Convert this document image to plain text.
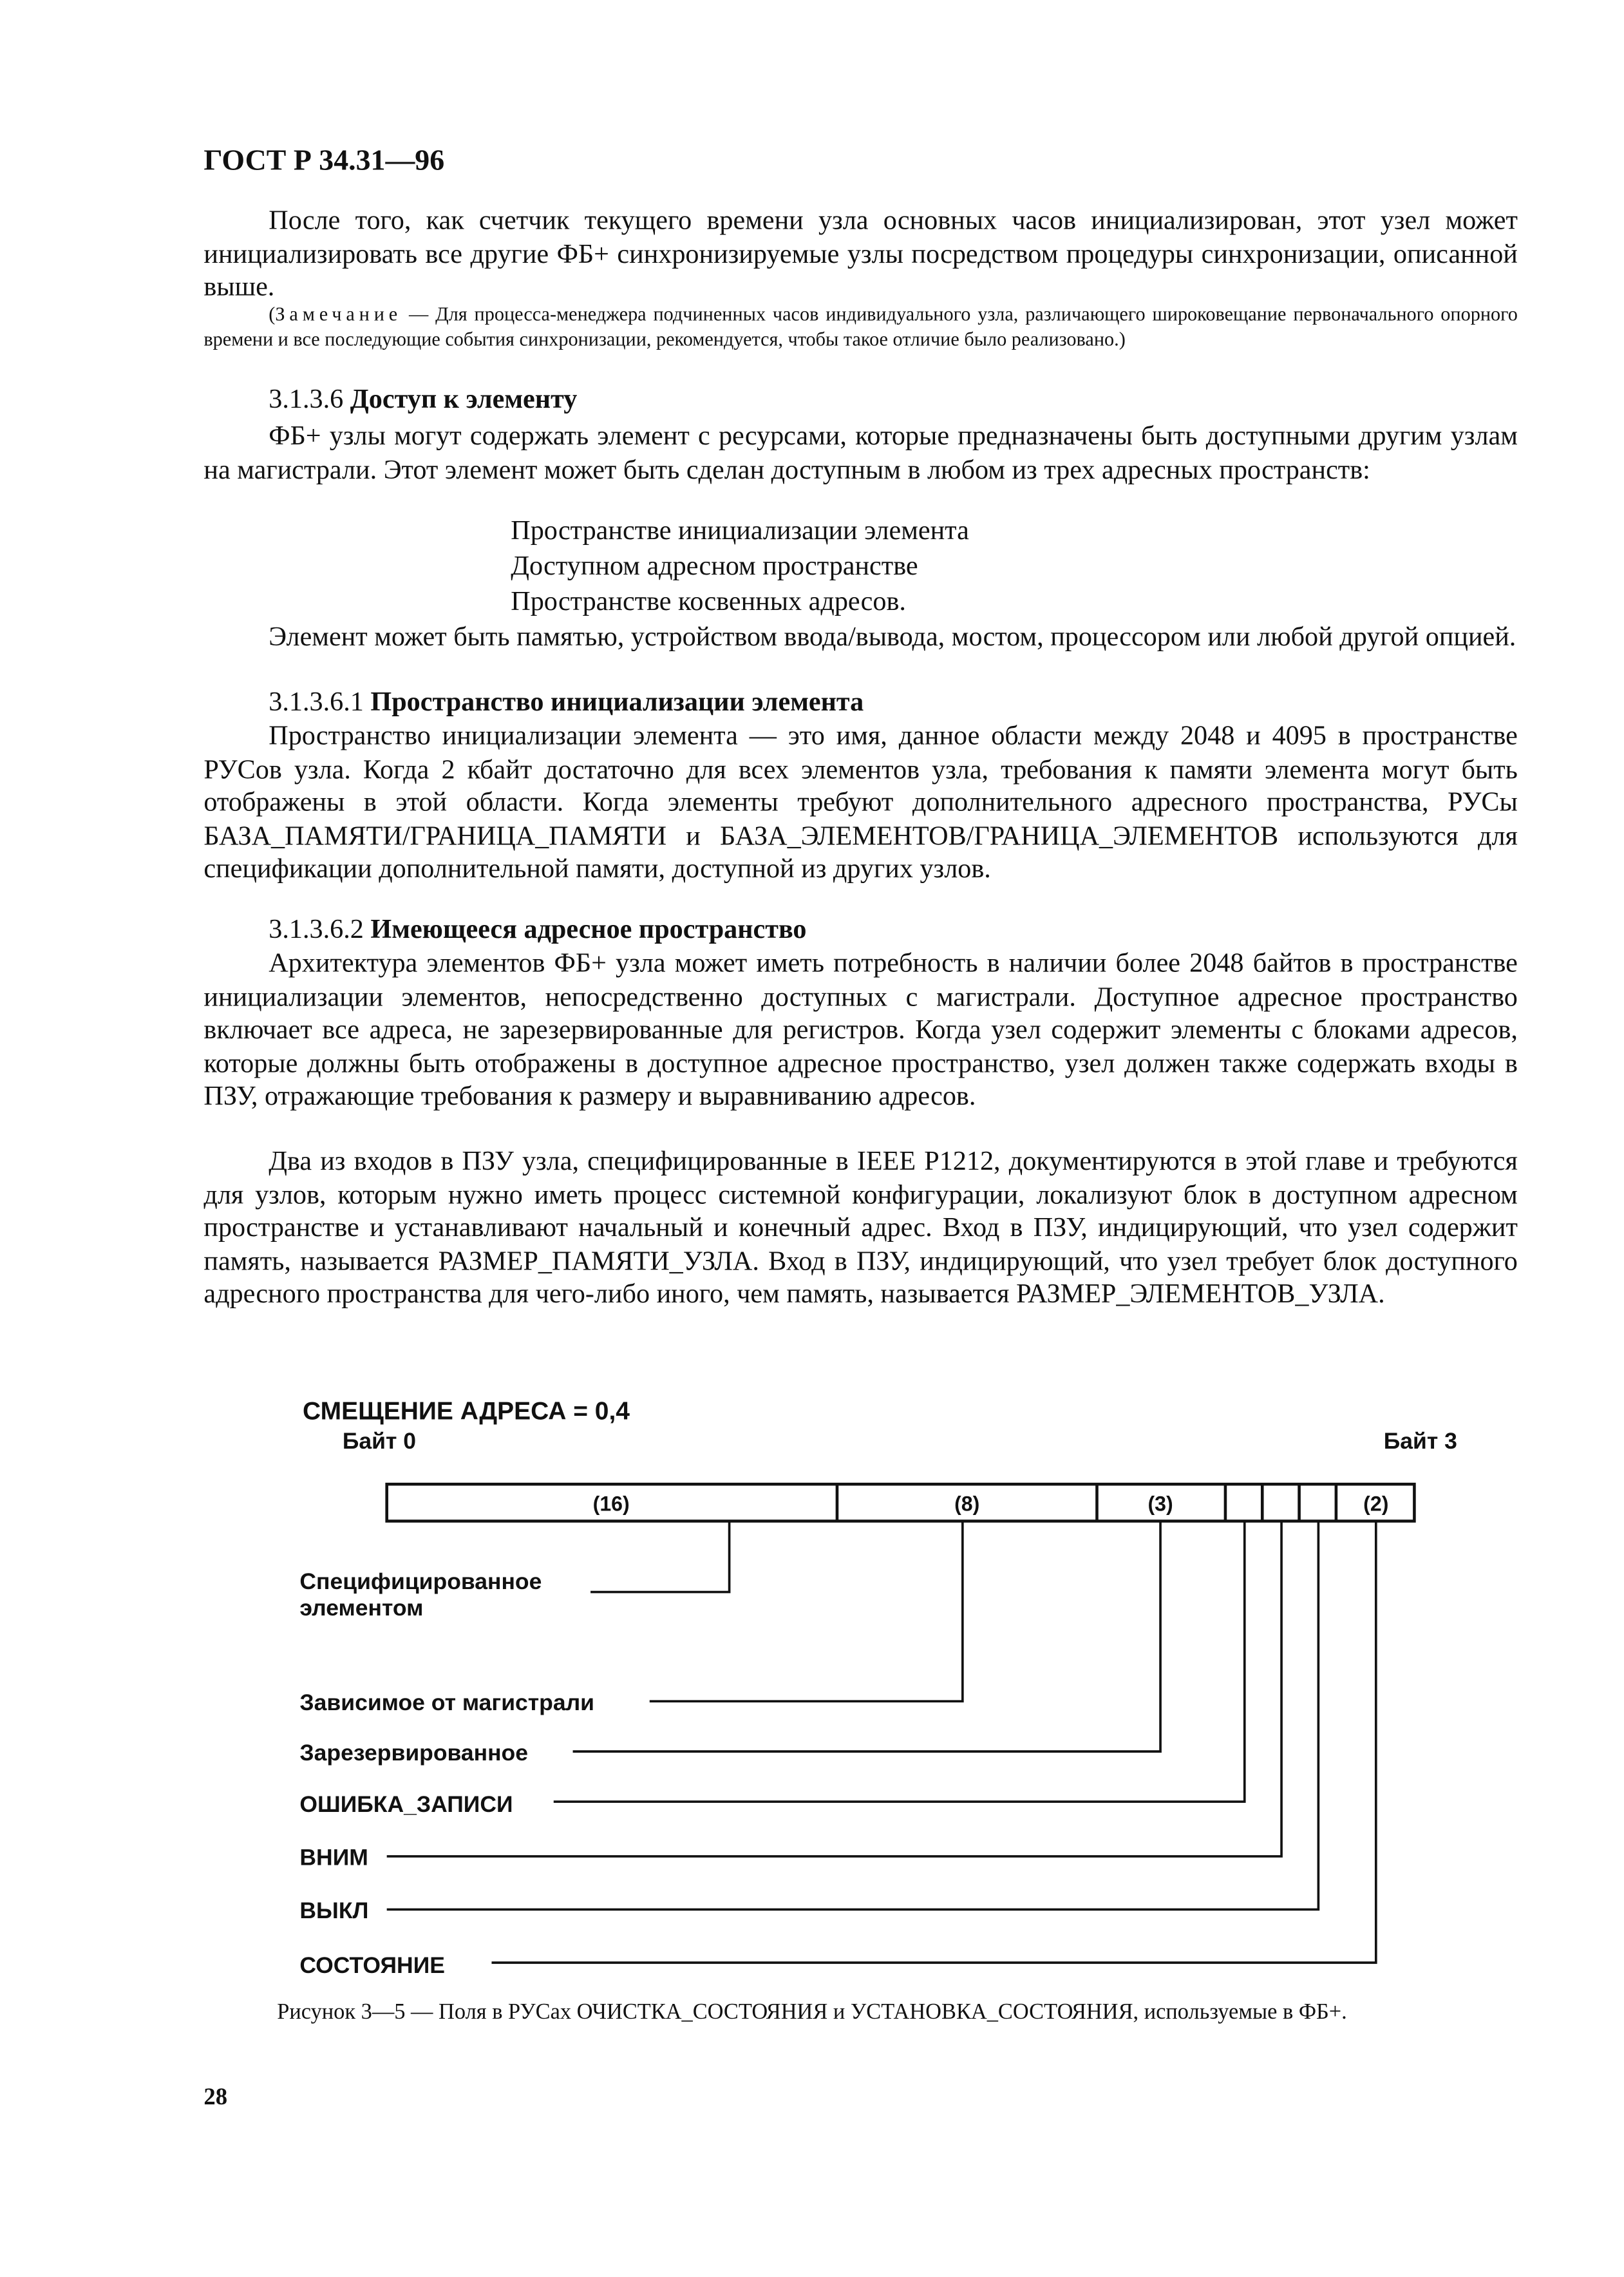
ГОСТ Р 34.31—96

После того, как счетчик текущего времени узла основных часов инициализирован, этот узел может инициализировать все другие ФБ+ синхронизируемые узлы посредством процедуры синхронизации, описанной выше.

(Замечание — Для процесса-менеджера подчиненных часов индивидуального узла, различающего широковещание первоначального опорного времени и все последующие события синхронизации, рекомендуется, чтобы такое отличие было реализовано.)

3.1.3.6 Доступ к элементу

ФБ+ узлы могут содержать элемент с ресурсами, которые предназначены быть доступными другим узлам на магистрали. Этот элемент может быть сделан доступным в любом из трех адресных пространств:

Пространстве инициализации элемента
Доступном адресном пространстве
Пространстве косвенных адресов.

Элемент может быть памятью, устройством ввода/вывода, мостом, процессором или любой другой опцией.

3.1.3.6.1 Пространство инициализации элемента

Пространство инициализации элемента — это имя, данное области между 2048 и 4095 в пространстве РУСов узла. Когда 2 кбайт достаточно для всех элементов узла, требования к памяти элемента могут быть отображены в этой области. Когда элементы требуют дополнительного адресного пространства, РУСы БАЗА_ПАМЯТИ/ГРАНИЦА_ПАМЯТИ и БАЗА_ЭЛЕМЕНТОВ/ГРАНИЦА_ЭЛЕМЕНТОВ используются для спецификации дополнительной памяти, доступной из других узлов.

3.1.3.6.2 Имеющееся адресное пространство

Архитектура элементов ФБ+ узла может иметь потребность в наличии более 2048 байтов в пространстве инициализации элементов, непосредственно доступных с магистрали. Доступное адресное пространство включает все адреса, не зарезервированные для регистров. Когда узел содержит элементы с блоками адресов, которые должны быть отображены в доступное адресное пространство, узел должен также содержать входы в ПЗУ, отражающие требования к размеру и выравниванию адресов.

Два из входов в ПЗУ узла, специфицированные в IEEE P1212, документируются в этой главе и требуются для узлов, которым нужно иметь процесс системной конфигурации, локализуют блок в доступном адресном пространстве и устанавливают начальный и конечный адрес. Вход в ПЗУ, индицирующий, что узел содержит память, называется РАЗМЕР_ПАМЯТИ_УЗЛА. Вход в ПЗУ, индицирующий, что узел требует блок доступного адресного пространства для чего-либо иного, чем память, называется РАЗМЕР_ЭЛЕМЕНТОВ_УЗЛА.

СМЕЩЕНИЕ АДРЕСА = 0,4
Байт 0	Байт 3
(16)	(8)	(3)	(2)
Специфицированное
элементом
Зависимое от магистрали
Зарезервированное
ОШИБКА_ЗАПИСИ
ВНИМ
ВЫКЛ
СОСТОЯНИЕ
Рисунок 3—5 — Поля в РУСах ОЧИСТКА_СОСТОЯНИЯ и УСТАНОВКА_СОСТОЯНИЯ, используемые в ФБ+.
28
